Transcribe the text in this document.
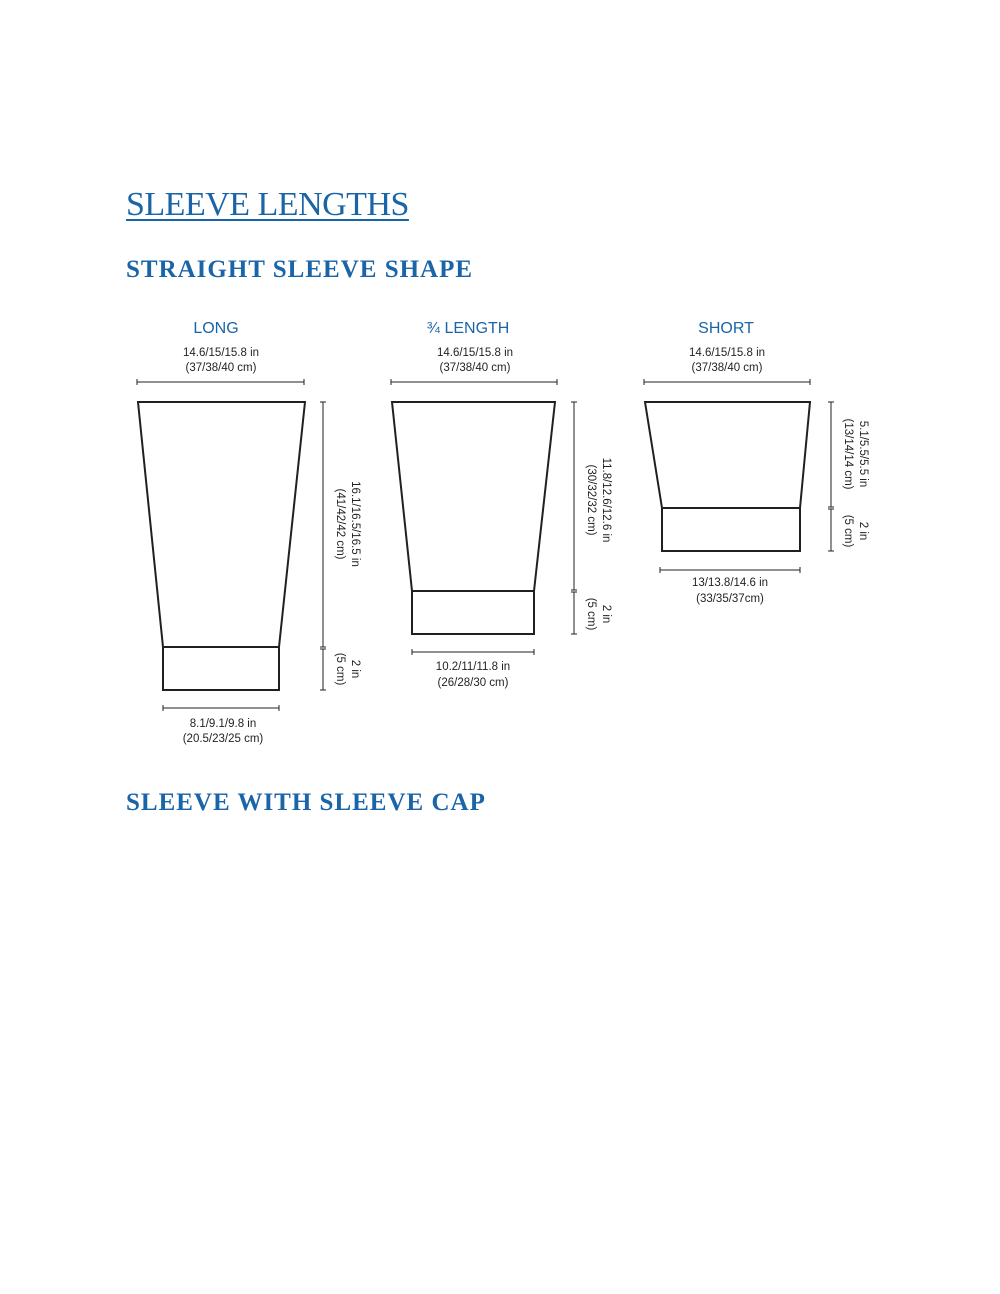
SLEEVE LENGTHS
STRAIGHT SLEEVE SHAPE
LONG
14.6/15/15.8 in
(37/38/40 cm)
(41/42/42 cm) 16.1/16.5/16.5 in
(5 cm) 2 in
8.1/9.1/9.8 in
(20.5/23/25 cm)
¾ LENGTH
14.6/15/15.8 in
(37/38/40 cm)
(30/32/32 cm) 11.8/12.6/12.6 in
(5 cm) 2 in
10.2/11/11.8 in
(26/28/30 cm)
SHORT
14.6/15/15.8 in
(37/38/40 cm)
(13/14/14 cm) 5.1/5.5/5.5 in
(5 cm) 2 in
13/13.8/14.6 in
(33/35/37cm)
SLEEVE WITH SLEEVE CAP
